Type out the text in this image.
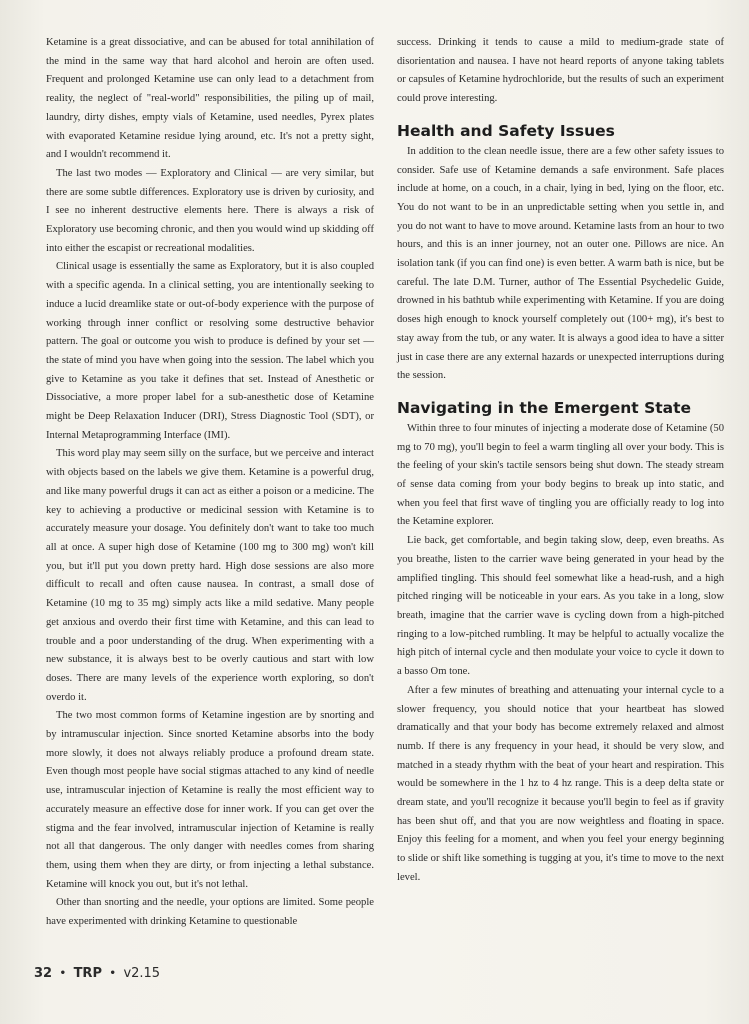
Ketamine is a great dissociative, and can be abused for total annihilation of the mind in the same way that hard alcohol and heroin are often used. Frequent and prolonged Ketamine use can only lead to a detachment from reality, the neglect of "real-world" responsibilities, the piling up of mail, laundry, dirty dishes, empty vials of Ketamine, used needles, Pyrex plates with evaporated Ketamine residue lying around, etc. It's not a pretty sight, and I wouldn't recommend it.

The last two modes — Exploratory and Clinical — are very similar, but there are some subtle differences. Exploratory use is driven by curiosity, and I see no inherent destructive elements here. There is always a risk of Exploratory use becoming chronic, and then you would wind up skidding off into either the escapist or recreational modalities.

Clinical usage is essentially the same as Exploratory, but it is also coupled with a specific agenda. In a clinical setting, you are intentionally seeking to induce a lucid dreamlike state or out-of-body experience with the purpose of working through inner conflict or resolving some destructive behavior pattern. The goal or outcome you wish to produce is defined by your set — the state of mind you have when going into the session. The label which you give to Ketamine as you take it defines that set. Instead of Anesthetic or Dissociative, a more proper label for a sub-anesthetic dose of Ketamine might be Deep Relaxation Inducer (DRI), Stress Diagnostic Tool (SDT), or Internal Metaprogramming Interface (IMI).

This word play may seem silly on the surface, but we perceive and interact with objects based on the labels we give them. Ketamine is a powerful drug, and like many powerful drugs it can act as either a poison or a medicine. The key to achieving a productive or medicinal session with Ketamine is to accurately measure your dosage. You definitely don't want to take too much all at once. A super high dose of Ketamine (100 mg to 300 mg) won't kill you, but it'll put you down pretty hard. High dose sessions are also more difficult to recall and often cause nausea. In contrast, a small dose of Ketamine (10 mg to 35 mg) simply acts like a mild sedative. Many people get anxious and overdo their first time with Ketamine, and this can lead to trouble and a poor understanding of the drug. When experimenting with a new substance, it is always best to be overly cautious and start with low doses. There are many levels of the experience worth exploring, so don't overdo it.

The two most common forms of Ketamine ingestion are by snorting and by intramuscular injection. Since snorted Ketamine absorbs into the body more slowly, it does not always reliably produce a profound dream state. Even though most people have social stigmas attached to any kind of needle use, intramuscular injection of Ketamine is really the most efficient way to accurately measure an effective dose for inner work. If you can get over the stigma and the fear involved, intramuscular injection of Ketamine is really not all that dangerous. The only danger with needles comes from sharing them, using them when they are dirty, or from injecting a lethal substance. Ketamine will knock you out, but it's not lethal.

Other than snorting and the needle, your options are limited. Some people have experimented with drinking Ketamine to questionable

success. Drinking it tends to cause a mild to medium-grade state of disorientation and nausea. I have not heard reports of anyone taking tablets or capsules of Ketamine hydrochloride, but the results of such an experiment could prove interesting.

Health and Safety Issues

In addition to the clean needle issue, there are a few other safety issues to consider. Safe use of Ketamine demands a safe environment. Safe places include at home, on a couch, in a chair, lying in bed, lying on the floor, etc. You do not want to be in an unpredictable setting when you settle in, and you do not want to have to move around. Ketamine lasts from an hour to two hours, and this is an inner journey, not an outer one. Pillows are nice. An isolation tank (if you can find one) is even better. A warm bath is nice, but be careful. The late D.M. Turner, author of The Essential Psychedelic Guide, drowned in his bathtub while experimenting with Ketamine. If you are doing doses high enough to knock yourself completely out (100+ mg), it's best to stay away from the tub, or any water. It is always a good idea to have a sitter just in case there are any external hazards or unexpected interruptions during the session.

Navigating in the Emergent State

Within three to four minutes of injecting a moderate dose of Ketamine (50 mg to 70 mg), you'll begin to feel a warm tingling all over your body. This is the feeling of your skin's tactile sensors being shut down. The steady stream of sense data coming from your body begins to break up into static, and when you feel that first wave of tingling you are officially ready to log into the Ketamine explorer.

Lie back, get comfortable, and begin taking slow, deep, even breaths. As you breathe, listen to the carrier wave being generated in your head by the amplified tingling. This should feel somewhat like a head-rush, and a high pitched ringing will be noticeable in your ears. As you take in a long, slow breath, imagine that the carrier wave is cycling down from a high-pitched ringing to a low-pitched rumbling. It may be helpful to actually vocalize the high pitch of internal cycle and then modulate your voice to cycle it down to a basso Om tone.

After a few minutes of breathing and attenuating your internal cycle to a slower frequency, you should notice that your heartbeat has slowed dramatically and that your body has become extremely relaxed and almost numb. If there is any frequency in your head, it should be very slow, and matched in a steady rhythm with the beat of your heart and respiration. This would be somewhere in the 1 hz to 4 hz range. This is a deep delta state or dream state, and you'll recognize it because you'll begin to feel as if gravity has been shut off, and that you are now weightless and floating in space. Enjoy this feeling for a moment, and when you feel your energy beginning to slide or shift like something is tugging at you, it's time to move to the next level.

32 • TRP • v2.15
